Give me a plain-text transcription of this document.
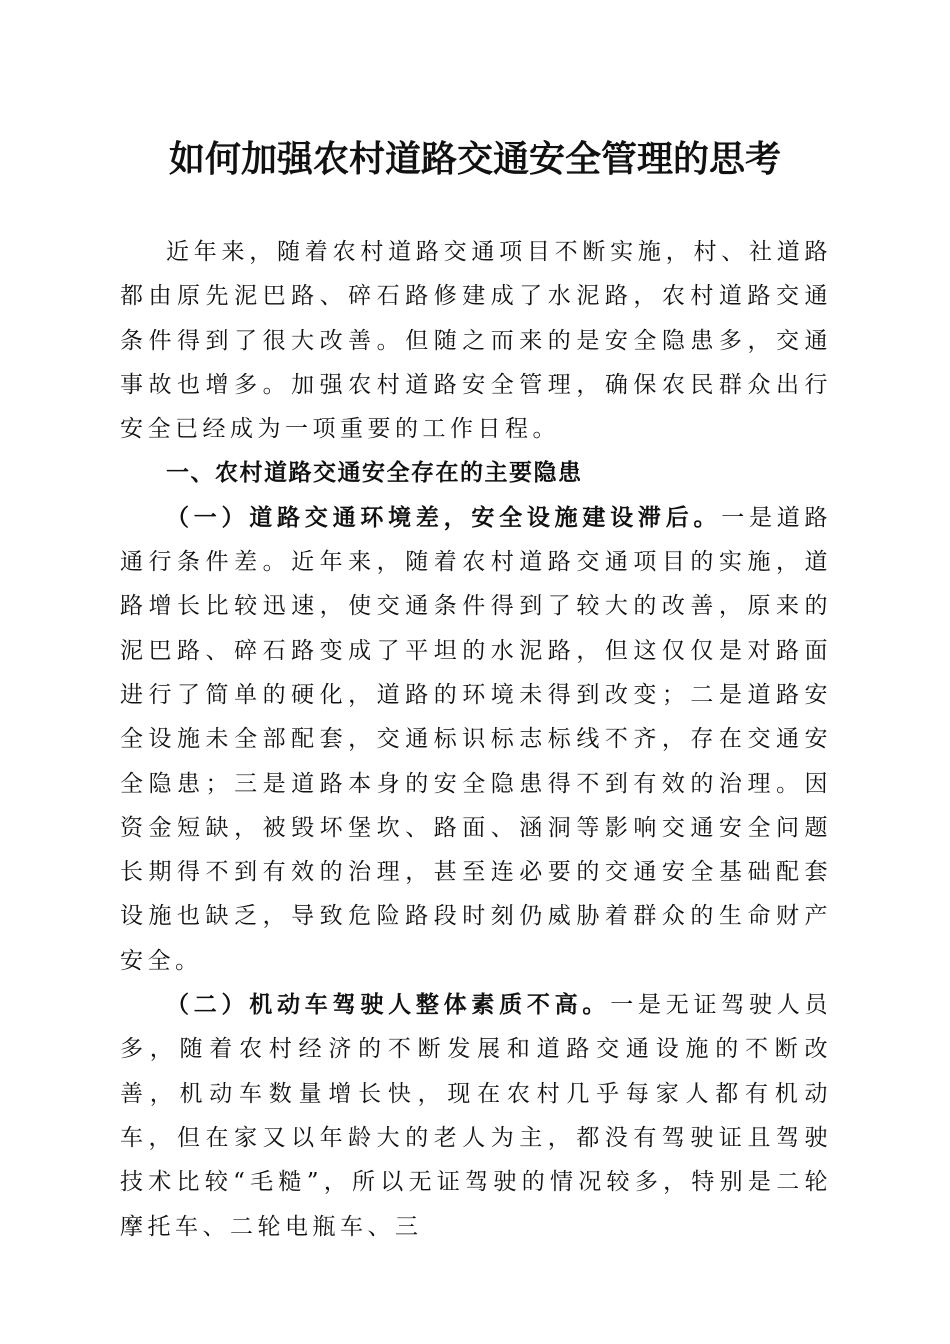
如何加强农村道路交通安全管理的思考

近年来，随着农村道路交通项目不断实施，村、社道路都由原先泥巴路、碎石路修建成了水泥路，农村道路交通条件得到了很大改善。但随之而来的是安全隐患多，交通事故也增多。加强农村道路安全管理，确保农民群众出行安全已经成为一项重要的工作日程。

一、农村道路交通安全存在的主要隐患

（一）道路交通环境差，安全设施建设滞后。一是道路通行条件差。近年来，随着农村道路交通项目的实施，道路增长比较迅速，使交通条件得到了较大的改善，原来的泥巴路、碎石路变成了平坦的水泥路，但这仅仅是对路面进行了简单的硬化，道路的环境未得到改变；二是道路安全设施未全部配套，交通标识标志标线不齐，存在交通安全隐患；三是道路本身的安全隐患得不到有效的治理。因资金短缺，被毁坏堡坎、路面、涵洞等影响交通安全问题长期得不到有效的治理，甚至连必要的交通安全基础配套设施也缺乏，导致危险路段时刻仍威胁着群众的生命财产安全。

（二）机动车驾驶人整体素质不高。一是无证驾驶人员多，随着农村经济的不断发展和道路交通设施的不断改善，机动车数量增长快，现在农村几乎每家人都有机动车，但在家又以年龄大的老人为主，都没有驾驶证且驾驶技术比较“毛糙”，所以无证驾驶的情况较多，特别是二轮摩托车、二轮电瓶车、三
